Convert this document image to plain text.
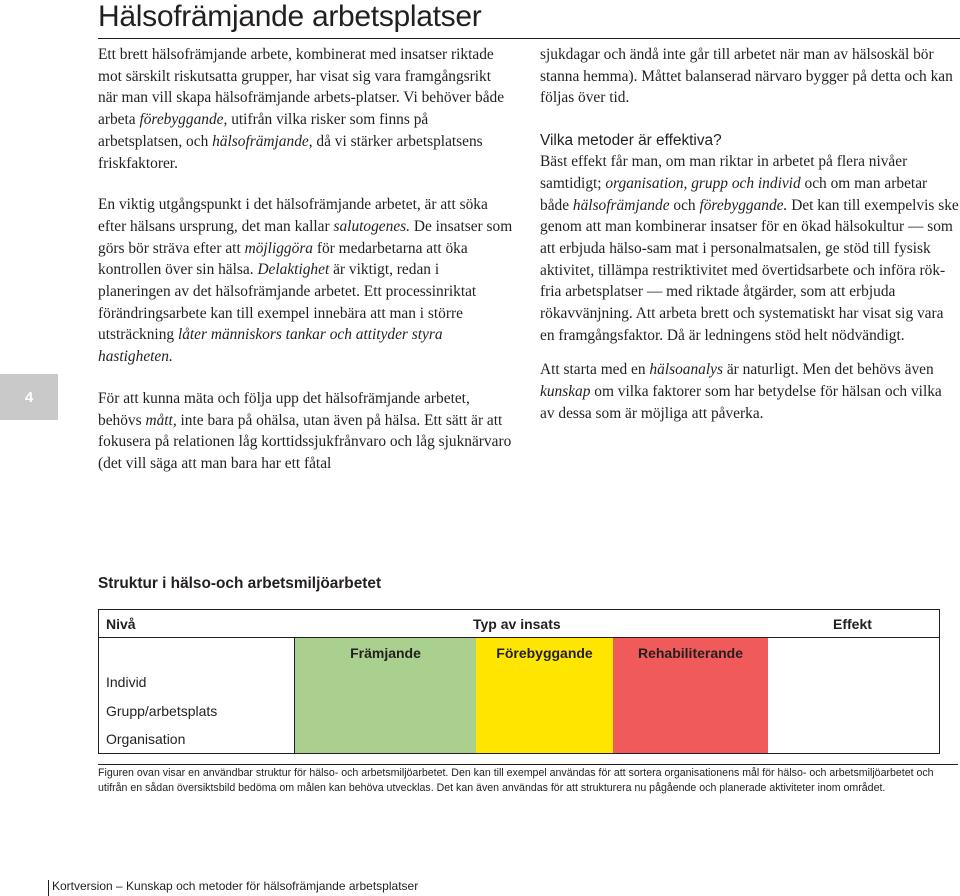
Hälsofrämjande arbetsplatser
4

Ett brett hälsofrämjande arbete, kombinerat med insatser riktade mot särskilt riskutsatta grupper, har visat sig vara framgångsrikt när man vill skapa hälsofrämjande arbets-platser. Vi behöver både arbeta förebyggande, utifrån vilka risker som finns på arbetsplatsen, och hälsofrämjande, då vi stärker arbetsplatsens friskfaktorer.

En viktig utgångspunkt i det hälsofrämjande arbetet, är att söka efter hälsans ursprung, det man kallar salutogenes. De insatser som görs bör sträva efter att möjliggöra för medarbetarna att öka kontrollen över sin hälsa. Delaktighet är viktigt, redan i planeringen av det hälsofrämjande arbetet. Ett processinriktat förändringsarbete kan till exempel innebära att man i större utsträckning låter människors tankar och attityder styra hastigheten.

För att kunna mäta och följa upp det hälsofrämjande arbetet, behövs mått, inte bara på ohälsa, utan även på hälsa. Ett sätt är att fokusera på relationen låg korttidssjukfrånvaro och låg sjuknärvaro (det vill säga att man bara har ett fåtal

sjukdagar och ändå inte går till arbetet när man av hälsoskäl bör stanna hemma). Måttet balanserad närvaro bygger på detta och kan följas över tid.

Vilka metoder är effektiva?

Bäst effekt får man, om man riktar in arbetet på flera nivåer samtidigt; organisation, grupp och individ och om man arbetar både hälsofrämjande och förebyggande. Det kan till exempelvis ske genom att man kombinerar insatser för en ökad hälsokultur — som att erbjuda hälso-sam mat i personalmatsalen, ge stöd till fysisk aktivitet, tillämpa restriktivitet med övertidsarbete och införa rök-fria arbetsplatser — med riktade åtgärder, som att erbjuda rökavvänjning. Att arbeta brett och systematiskt har visat sig vara en framgångsfaktor. Då är ledningens stöd helt nödvändigt.

Att starta med en hälsoanalys är naturligt. Men det behövs även kunskap om vilka faktorer som har betydelse för hälsan och vilka av dessa som är möjliga att påverka.

Struktur i hälso-och arbetsmiljöarbetet
Nivå	Typ av insats	Effekt
Främjande	Förebyggande	Rehabiliterande
Individ
Grupp/arbetsplats
Organisation

Figuren ovan visar en användbar struktur för hälso- och arbetsmiljöarbetet. Den kan till exempel användas för att sortera organisationens mål för hälso- och arbetsmiljöarbetet och utifrån en sådan översiktsbild bedöma om målen kan behöva utvecklas. Det kan även användas för att strukturera nu pågående och planerade aktiviteter inom området.

Kortversion – Kunskap och metoder för hälsofrämjande arbetsplatser
